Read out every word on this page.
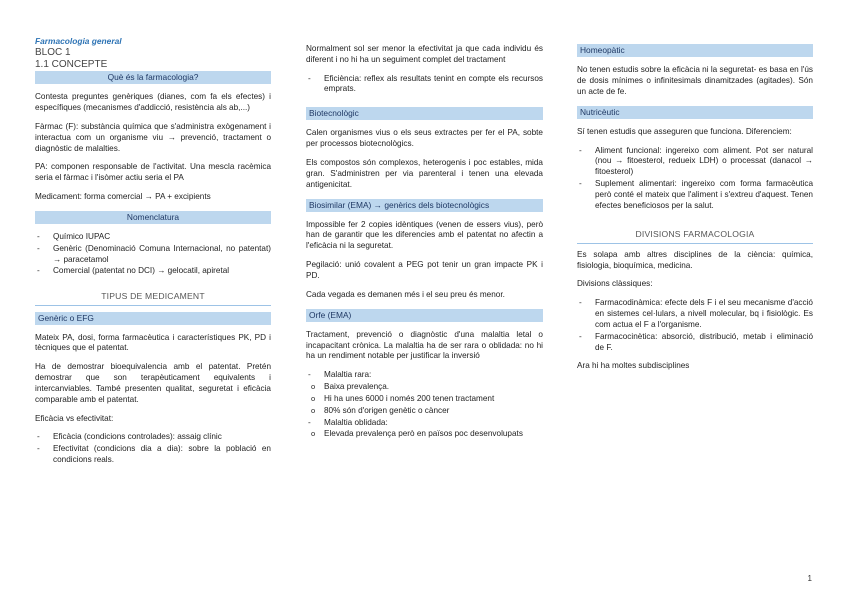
Farmacologia general
BLOC 1
1.1 CONCEPTE
Què és la farmacologia?

Contesta preguntes genèriques (dianes, com fa els efectes) i específiques (mecanismes d'addicció, resistència als ab,...)

Fàrmac (F): substància química que s'administra exògenament i interactua com un organisme viu → prevenció, tractament o diagnòstic de malalties.

PA: componen responsable de l'activitat. Una mescla racèmica seria el fàrmac i l'isòmer actiu seria el PA

Medicament: forma comercial → PA + excipients

Nomenclatura
- Químico IUPAC
- Genèric (Denominació Comuna Internacional, no patentat) → paracetamol
- Comercial (patentat no DCI) → gelocatil, apiretal
TIPUS DE MEDICAMENT
Genèric o EFG

Mateix PA, dosi, forma farmacèutica i característiques PK, PD i tècniques que el patentat.

Ha de demostrar bioequivalencia amb el patentat. Pretén demostrar que son terapèuticament equivalents i intercanviables. També presenten qualitat, seguretat i eficàcia comparable amb el patentat.

Eficàcia vs efectivitat:

- Eficàcia (condicions controlades): assaig clínic
- Efectivitat (condicions dia a dia): sobre la població en condicions reals.

Normalment sol ser menor la efectivitat ja que cada individu és diferent i no hi ha un seguiment complet del tractament

- Eficiència: reflex als resultats tenint en compte els recursos emprats.
Biotecnològic

Calen organismes vius o els seus extractes per fer el PA, sobte per processos biotecnològics.

Els compostos són complexos, heterogenis i poc estables, mida gran. S'administren per via parenteral i tenen una elevada antigenicitat.

Biosimilar (EMA) → genèrics dels biotecnològics

Impossible fer 2 copies idèntiques (venen de essers vius), però han de garantir que les diferencies amb el patentat no afectin a l'eficàcia ni la seguretat.

Pegilació: unió covalent a PEG pot tenir un gran impacte PK i PD.

Cada vegada es demanen més i el seu preu és menor.

Orfe (EMA)

Tractament, prevenció o diagnòstic d'una malaltia letal o incapacitant crònica. La malaltia ha de ser rara o oblidada: no hi ha un rendiment notable per justificar la inversió

- Malaltia rara:
o Baixa prevalença.
o Hi ha unes 6000 i només 200 tenen tractament
o 80% són d'origen genètic o càncer
- Malaltia oblidada:
o Elevada prevalença però en països poc desenvolupats
Homeopàtic

No tenen estudis sobre la eficàcia ni la seguretat- es basa en l'ús de dosis mínimes o infinitesimals dinamitzades (agitades). Són un acte de fe.

Nutricèutic

Sí tenen estudis que asseguren que funciona. Diferenciem:

- Aliment funcional: ingereixo com aliment. Pot ser natural (nou → fitoesterol, redueix LDH) o processat (danacol → fitoesterol)
- Suplement alimentari: ingereixo com forma farmacèutica però conté el mateix que l'aliment i s'extreu d'aquest. Tenen efectes beneficiosos per la salut.
DIVISIONS FARMACOLOGIA

Es solapa amb altres disciplines de la ciència: química, fisiologia, bioquímica, medicina.

Divisions clàssiques:

- Farmacodinàmica: efecte dels F i el seu mecanisme d'acció en sistemes cel·lulars, a nivell molecular, bq i fisiològic. Es com actua el F a l'organisme.
- Farmacocinètica: absorció, distribució, metab i eliminació de F.

Ara hi ha moltes subdisciplines

1
